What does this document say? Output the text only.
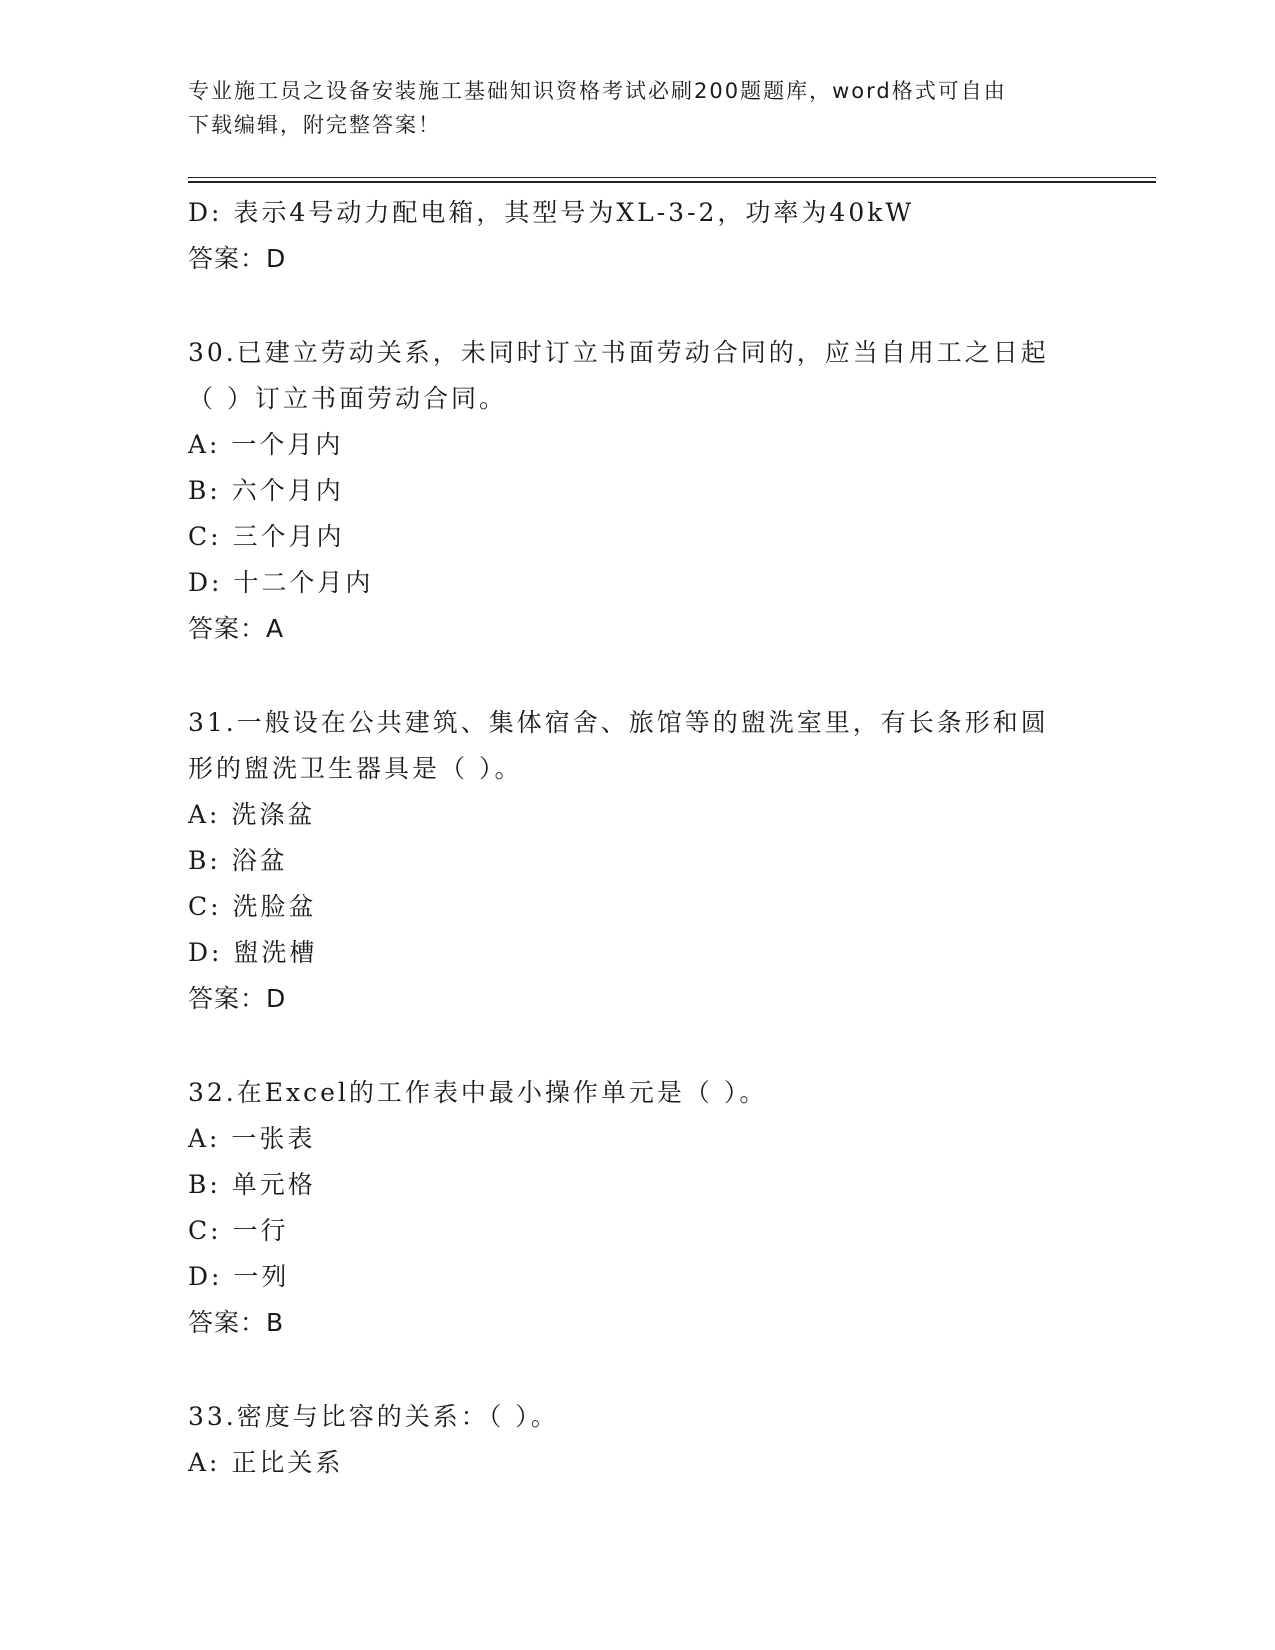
专业施工员之设备安装施工基础知识资格考试必刷200题题库，word格式可自由
下载编辑，附完整答案！
D: 表示4号动力配电箱，其型号为XL-3-2，功率为40kW
答案：D
30.已建立劳动关系，未同时订立书面劳动合同的，应当自用工之日起
（ ）订立书面劳动合同。
A: 一个月内
B: 六个月内
C: 三个月内
D: 十二个月内
答案：A
31.一般设在公共建筑、集体宿舍、旅馆等的盥洗室里，有长条形和圆
形的盥洗卫生器具是（ ）。
A: 洗涤盆
B: 浴盆
C: 洗脸盆
D: 盥洗槽
答案：D
32.在Excel的工作表中最小操作单元是（ ）。
A: 一张表
B: 单元格
C: 一行
D: 一列
答案：B
33.密度与比容的关系：（ ）。
A: 正比关系
